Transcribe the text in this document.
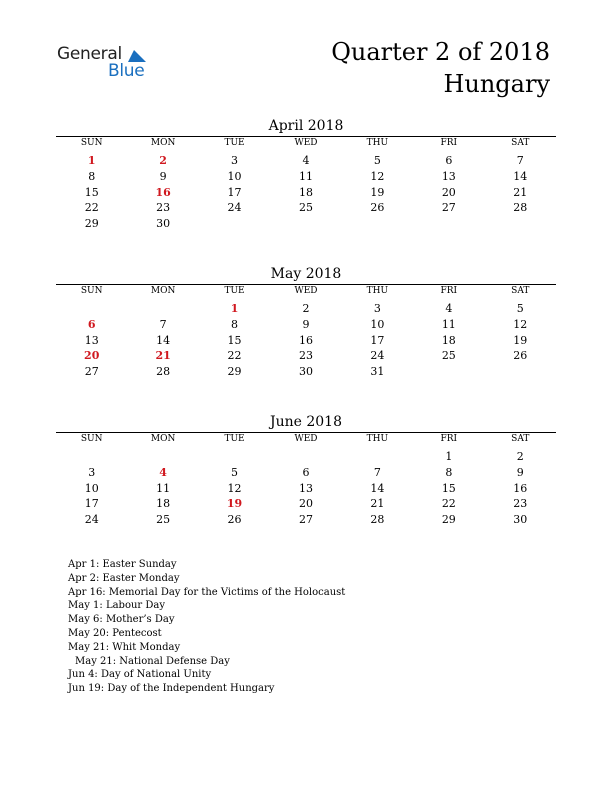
General
Blue
Quarter 2 of 2018
Hungary
April 2018
SUN	MON	TUE	WED	THU	FRI	SAT
1	2	3	4	5	6	7
8	9	10	11	12	13	14
15	16	17	18	19	20	21
22	23	24	25	26	27	28
29	30					
May 2018
SUN	MON	TUE	WED	THU	FRI	SAT
		1	2	3	4	5
6	7	8	9	10	11	12
13	14	15	16	17	18	19
20	21	22	23	24	25	26
27	28	29	30	31		
June 2018
SUN	MON	TUE	WED	THU	FRI	SAT
					1	2
3	4	5	6	7	8	9
10	11	12	13	14	15	16
17	18	19	20	21	22	23
24	25	26	27	28	29	30
Apr 1: Easter Sunday
Apr 2: Easter Monday
Apr 16: Memorial Day for the Victims of the Holocaust
May 1: Labour Day
May 6: Mother’s Day
May 20: Pentecost
May 21: Whit Monday
May 21: National Defense Day
Jun 4: Day of National Unity
Jun 19: Day of the Independent Hungary
